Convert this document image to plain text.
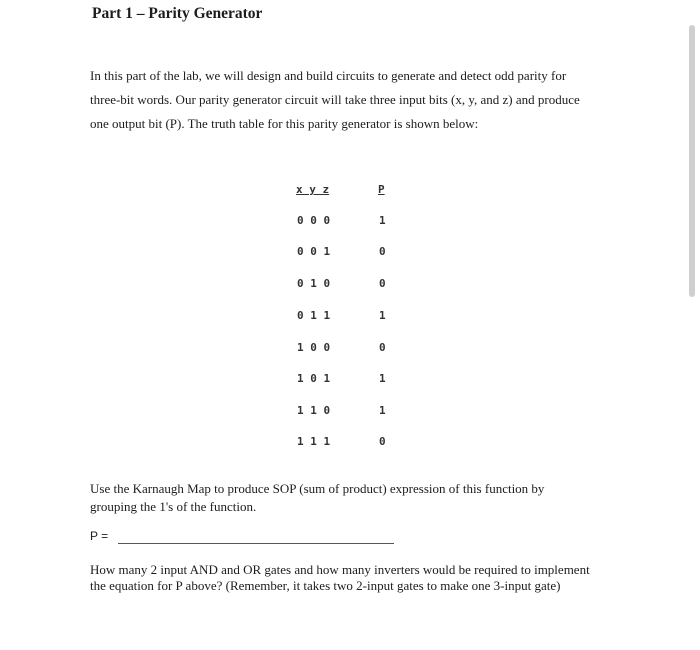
Part 1 – Parity Generator
In this part of the lab, we will design and build circuits to generate and detect odd parity for
three-bit words. Our parity generator circuit will take three input bits (x, y, and z) and produce
one output bit (P). The truth table for this parity generator is shown below:
x y z	P
0 0 0	1
0 0 1	0
0 1 0	0
0 1 1	1
1 0 0	0
1 0 1	1
1 1 0	1
1 1 1	0
Use the Karnaugh Map to produce SOP (sum of product) expression of this function by
grouping the 1's of the function.
P =
How many 2 input AND and OR gates and how many inverters would be required to implement
the equation for P above? (Remember, it takes two 2-input gates to make one 3-input gate)
